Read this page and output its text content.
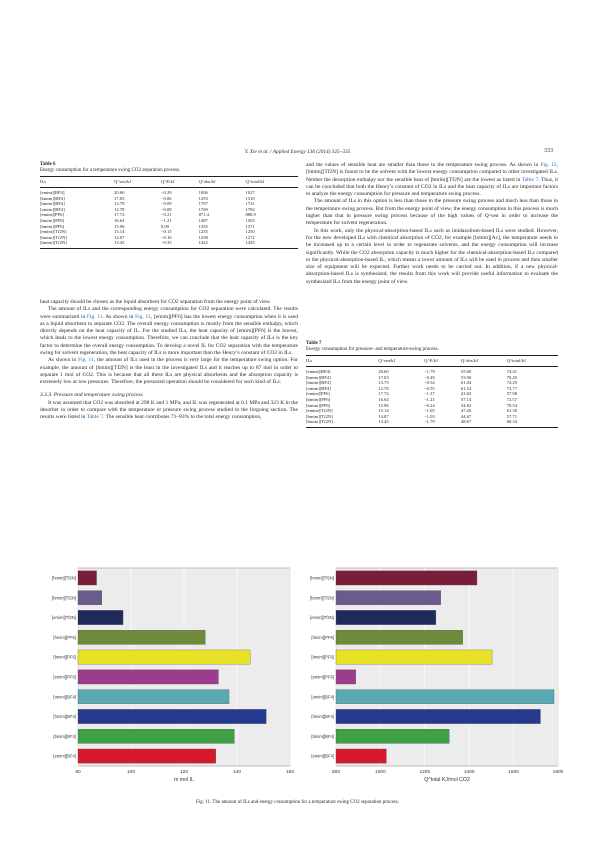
Y. Xie et al. / Applied Energy 136 (2014) 325–335	333
Table 6
Energy consumption for a temperature swing CO2 separation process.
ILs	Q^sen/kJ	Q^E/kJ	Q^abs/kJ	Q^total/kJ
[emim][BF4]	20.60	−0.29	1006	1027
[bmim][BF4]	17.03	−0.06	1293	1310
[hmim][BF4]	13.79	−0.09	1707	1721
[omim][BF4]	12.78	−0.08	1769	1782
[emim][PF6]	17.72	−0.21	871.4	888.9
[bmim][PF6]	16.64	−1.21	1487	1503
[hmim][PF6]	15.96	0.09	1355	1371
[emim][Tf2N]	15.14	−0.15	1235	1250
[bmim][Tf2N]	14.07	−0.16	1258	1272
[hmim][Tf2N]	13.45	−0.35	1422	1435

heat capacity should be chosen as the liquid absorbent for CO2 separation from the energy point of view.

The amount of ILs and the corresponding energy consumption for CO2 separation were calculated. The results were summarized in Fig. 11. As shown in Fig. 11, [emim][PF6] has the lowest energy consumption when it is used as a liquid absorbent to separate CO2. The overall energy consumption is mostly from the sensible enthalpy, which directly depends on the heat capacity of IL. For the studied ILs, the heat capacity of [emim][PF6] is the lowest, which leads to the lowest energy consumption. Therefore, we can conclude that the heat capacity of ILs is the key factor to determine the overall energy consumption. To develop a novel IL for CO2 separation with the temperature swing for solvent regeneration, the heat capacity of ILs is more important than the Henry’s constant of CO2 in ILs.

As shown in Fig. 11, the amount of ILs used in the process is very large for the temperature swing option. For example, the amount of [hmim][Tf2N] is the least in the investigated ILs and it reaches up to 87 mol in order to separate 1 mol of CO2. This is because that all these ILs are physical absorbents and the absorption capacity is extremely low at low pressures. Therefore, the pressured operation should be considered for such kind of ILs.

3.3.3. Pressure and temperature swing process

It was assumed that CO2 was absorbed at 298 K and 1 MPa, and IL was regenerated at 0.1 MPa and 323 K in the desorber in order to compare with the temperature or pressure swing process studied in the forgoing section. The results were listed in Table 7. The sensible heat contributes 71–83% to the total energy consumption,

and the values of sensible heat are smaller than those in the temperature swing process. As shown in Fig. 12, [bmim][Tf2N] is found to be the solvent with the lowest energy consumption compared to other investigated ILs. Neither the desorption enthalpy nor the sensible heat of [bmim][Tf2N] are the lowest as listed in Table 7. Thus, it can be concluded that both the Henry’s constant of CO2 in ILs and the heat capacity of ILs are important factors to analyze the energy consumption for pressure and temperature swing process.

The amount of ILs in this option is less than those in the pressure swing process and much less than those in the temperature swing process. But from the energy point of view, the energy consumption in this process is much higher than that in pressure swing process because of the high values of Q^sen in order to increase the temperature for solvent regeneration.

In this work, only the physical-absorption-based ILs such as imidazolium-based ILs were studied. However, for the new developed ILs with chemical absorption of CO2, for example [bmim][Ac], the temperature needs to be increased up to a certain level in order to regenerate solvents, and the energy consumption will increase significantly. While the CO2 absorption capacity is much higher for the chemical-absorption-based ILs compared to the physical-absorption-based IL, which means a lower amount of ILs will be used in process and then smaller size of equipment will be expected. Further work needs to be carried out. In addition, if a new physical-absorption-based ILs is synthesized, the results from this work will provide useful information to evaluate the synthesized ILs from the energy point of view.

Table 7
Energy consumption for pressure- and temperature-swing process.
ILs	Q^sen/kJ	Q^E/kJ	Q^abs/kJ	Q^total/kJ
[emim][BF4]	20.60	−1.79	55.60	74.41
[bmim][BF4]	17.03	−0.49	53.90	70.45
[hmim][BF4]	13.79	−0.54	61.04	74.29
[omim][BF4]	12.78	−0.55	61.54	73.77
[emim][PF6]	17.72	−1.37	41.63	57.98
[bmim][PF6]	16.64	−1.21	57.14	72.57
[hmim][PF6]	15.96	−0.24	54.82	70.54
[emim][Tf2N]	15.14	−1.05	47.20	61.30
[bmim][Tf2N]	14.07	−1.03	44.67	57.71
[hmim][Tf2N]	13.45	−1.79	48.67	60.33
80	100	120	140	160
[hmim][Tf2N]
[bmim][Tf2N]
[emim][Tf2N]
[hmim][PF6]
[bmim][PF6]
[emim][PF6]
[omim][BF4]
[hmim][BF4]
[bmim][BF4]
[emim][BF4]
m mol IL
800	1000	1200	1400	1600	1800
[hmim][Tf2N]
[bmim][Tf2N]
[emim][Tf2N]
[hmim][PF6]
[bmim][PF6]
[emim][PF6]
[omim][BF4]
[hmim][BF4]
[bmim][BF4]
[emim][BF4]
Q^total KJ/mol CO2
Fig. 11. The amount of ILs and energy consumption for a temperature swing CO2 separation process.
